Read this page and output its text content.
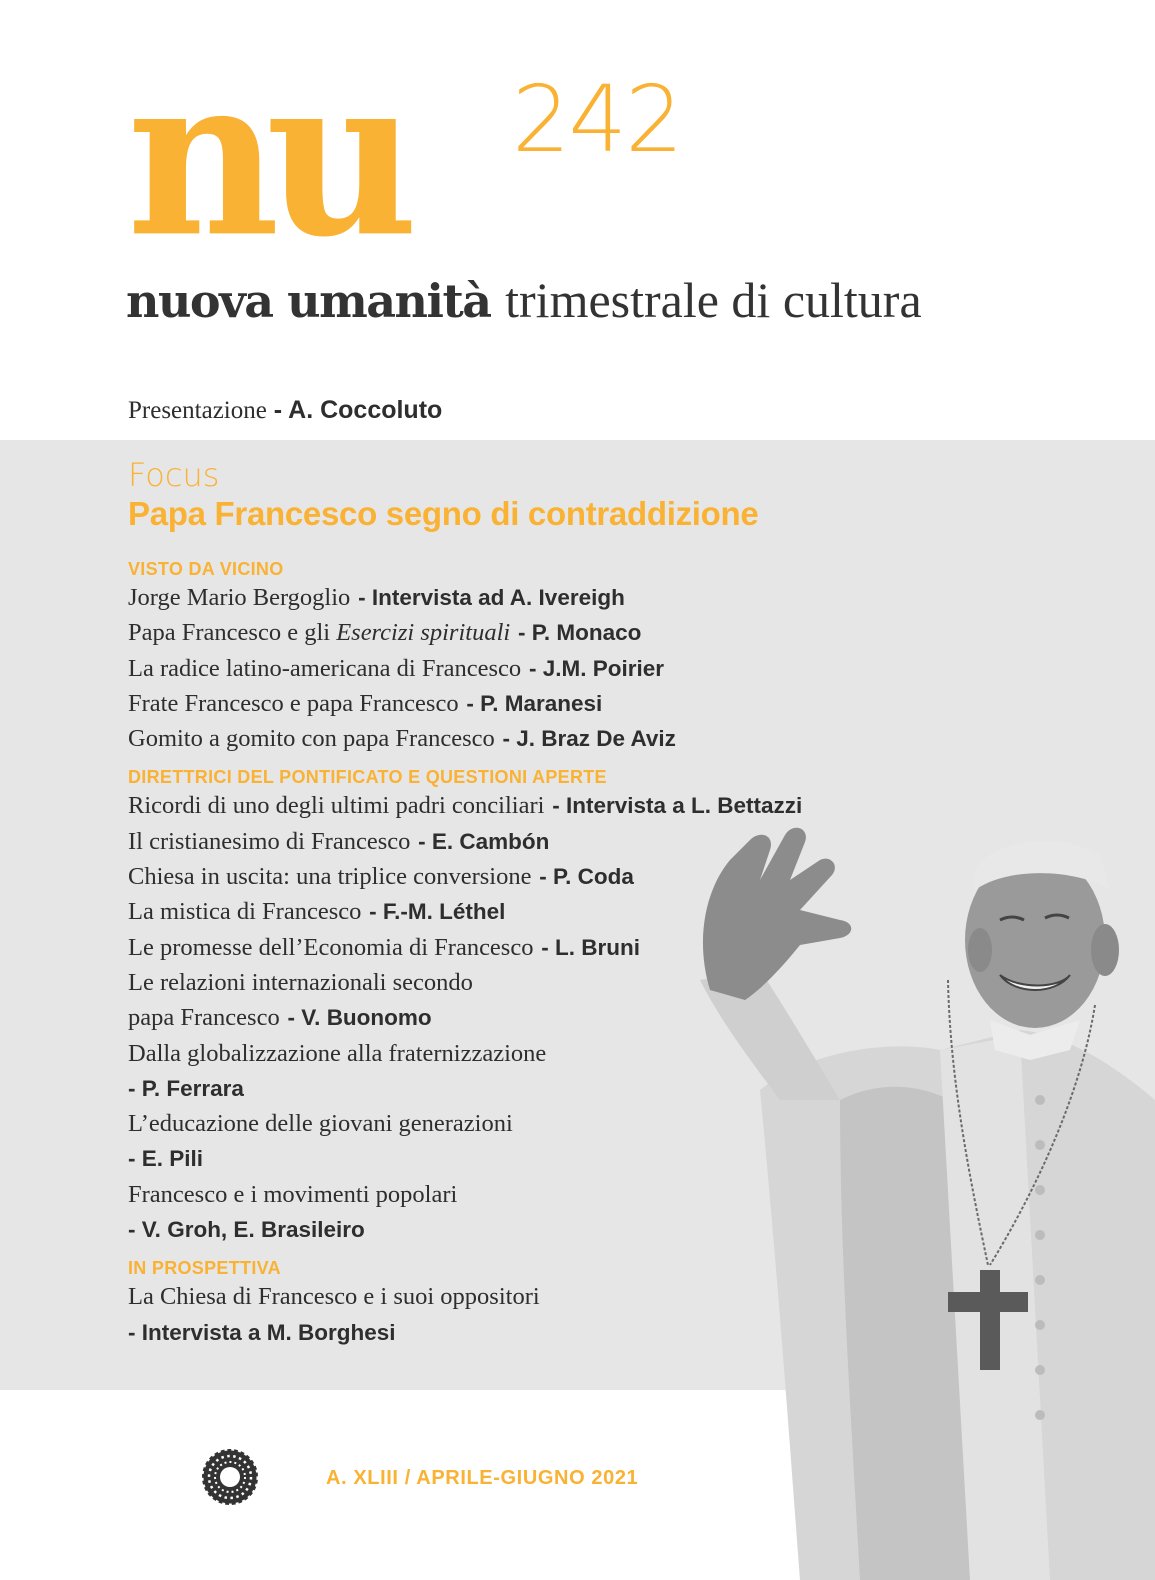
nu 242
nuova umanità trimestrale di cultura
Presentazione - A. Coccoluto
Focus
Papa Francesco segno di contraddizione
VISTO DA VICINO
Jorge Mario Bergoglio - Intervista ad A. Ivereigh
Papa Francesco e gli Esercizi spirituali - P. Monaco
La radice latino-americana di Francesco - J.M. Poirier
Frate Francesco e papa Francesco - P. Maranesi
Gomito a gomito con papa Francesco - J. Braz De Aviz
DIRETTRICI DEL PONTIFICATO E QUESTIONI APERTE
Ricordi di uno degli ultimi padri conciliari - Intervista a L. Bettazzi
Il cristianesimo di Francesco - E. Cambón
Chiesa in uscita: una triplice conversione - P. Coda
La mistica di Francesco - F.-M. Léthel
Le promesse dell’Economia di Francesco - L. Bruni
Le relazioni internazionali secondo
papa Francesco - V. Buonomo
Dalla globalizzazione alla fraternizzazione
- P. Ferrara
L’educazione delle giovani generazioni
- E. Pili
Francesco e i movimenti popolari
- V. Groh, E. Brasileiro
IN PROSPETTIVA
La Chiesa di Francesco e i suoi oppositori
- Intervista a M. Borghesi
A. XLIII / APRILE-GIUGNO 2021
